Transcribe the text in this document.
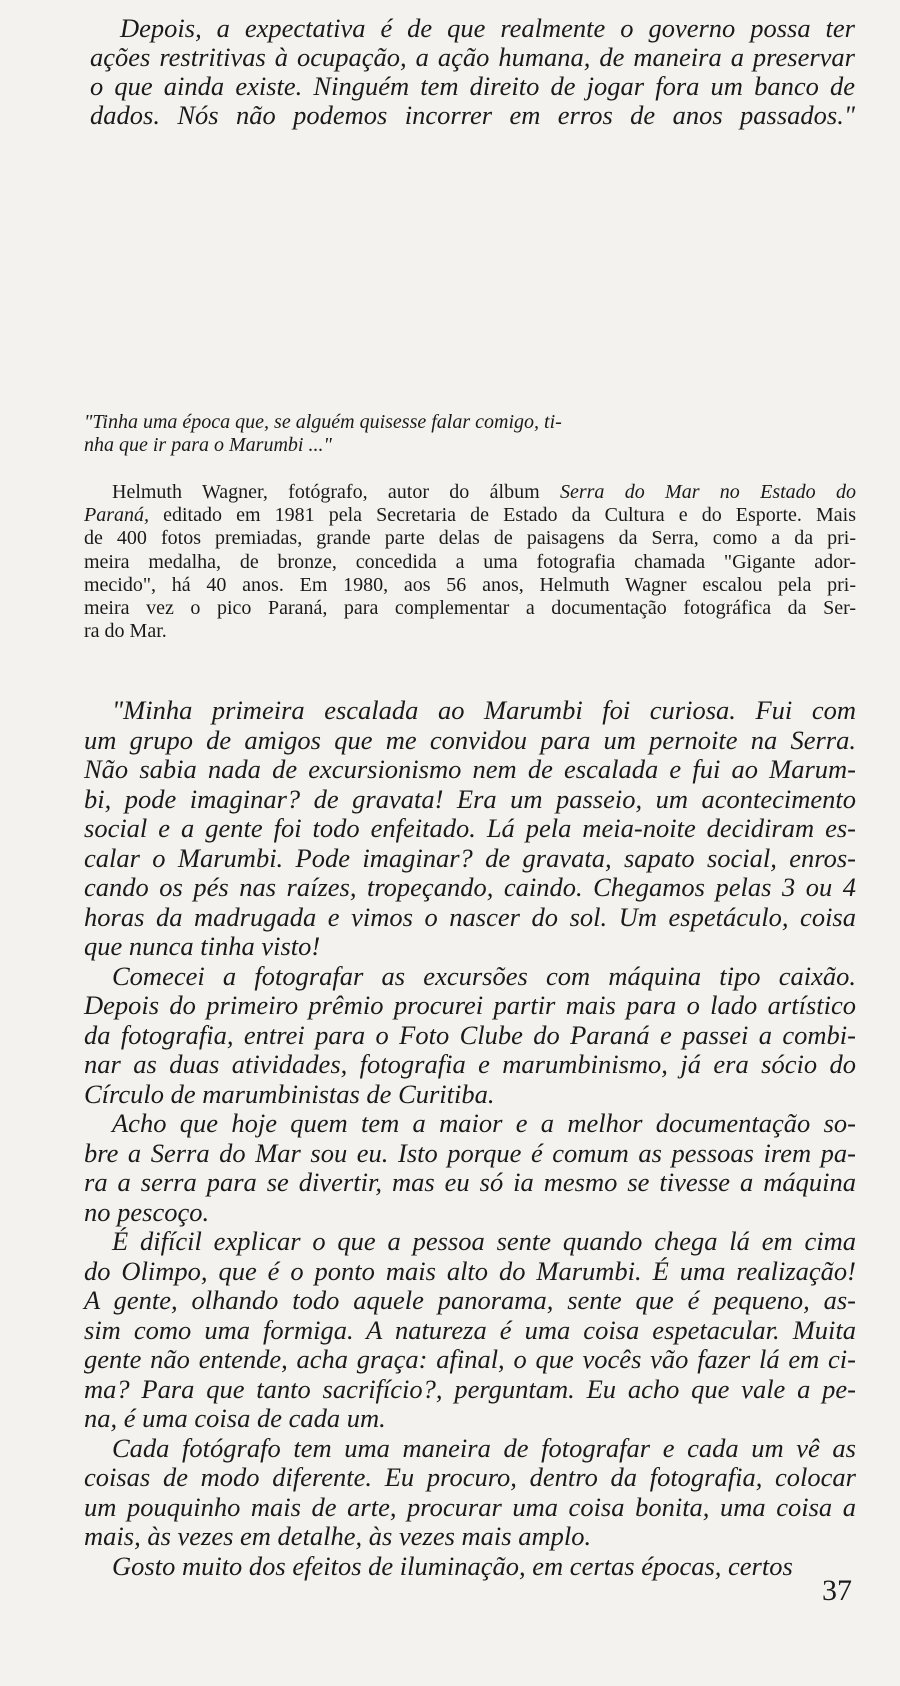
Depois, a expectativa é de que realmente o governo possa ter
ações restritivas à ocupação, a ação humana, de maneira a preservar
o que ainda existe. Ninguém tem direito de jogar fora um banco de
dados. Nós não podemos incorrer em erros de anos passados."
"Tinha uma época que, se alguém quisesse falar comigo, ti-
nha que ir para o Marumbi ..."
Helmuth Wagner, fotógrafo, autor do álbum Serra do Mar no Estado do
Paraná, editado em 1981 pela Secretaria de Estado da Cultura e do Esporte. Mais
de 400 fotos premiadas, grande parte delas de paisagens da Serra, como a da pri-
meira medalha, de bronze, concedida a uma fotografia chamada "Gigante ador-
mecido", há 40 anos. Em 1980, aos 56 anos, Helmuth Wagner escalou pela pri-
meira vez o pico Paraná, para complementar a documentação fotográfica da Ser-
ra do Mar.
"Minha primeira escalada ao Marumbi foi curiosa. Fui com
um grupo de amigos que me convidou para um pernoite na Serra.
Não sabia nada de excursionismo nem de escalada e fui ao Marum-
bi, pode imaginar? de gravata! Era um passeio, um acontecimento
social e a gente foi todo enfeitado. Lá pela meia-noite decidiram es-
calar o Marumbi. Pode imaginar? de gravata, sapato social, enros-
cando os pés nas raízes, tropeçando, caindo. Chegamos pelas 3 ou 4
horas da madrugada e vimos o nascer do sol. Um espetáculo, coisa
que nunca tinha visto!
Comecei a fotografar as excursões com máquina tipo caixão.
Depois do primeiro prêmio procurei partir mais para o lado artístico
da fotografia, entrei para o Foto Clube do Paraná e passei a combi-
nar as duas atividades, fotografia e marumbinismo, já era sócio do
Círculo de marumbinistas de Curitiba.
Acho que hoje quem tem a maior e a melhor documentação so-
bre a Serra do Mar sou eu. Isto porque é comum as pessoas irem pa-
ra a serra para se divertir, mas eu só ia mesmo se tivesse a máquina
no pescoço.
É difícil explicar o que a pessoa sente quando chega lá em cima
do Olimpo, que é o ponto mais alto do Marumbi. É uma realização!
A gente, olhando todo aquele panorama, sente que é pequeno, as-
sim como uma formiga. A natureza é uma coisa espetacular. Muita
gente não entende, acha graça: afinal, o que vocês vão fazer lá em ci-
ma? Para que tanto sacrifício?, perguntam. Eu acho que vale a pe-
na, é uma coisa de cada um.
Cada fotógrafo tem uma maneira de fotografar e cada um vê as
coisas de modo diferente. Eu procuro, dentro da fotografia, colocar
um pouquinho mais de arte, procurar uma coisa bonita, uma coisa a
mais, às vezes em detalhe, às vezes mais amplo.
Gosto muito dos efeitos de iluminação, em certas épocas, certos
37
